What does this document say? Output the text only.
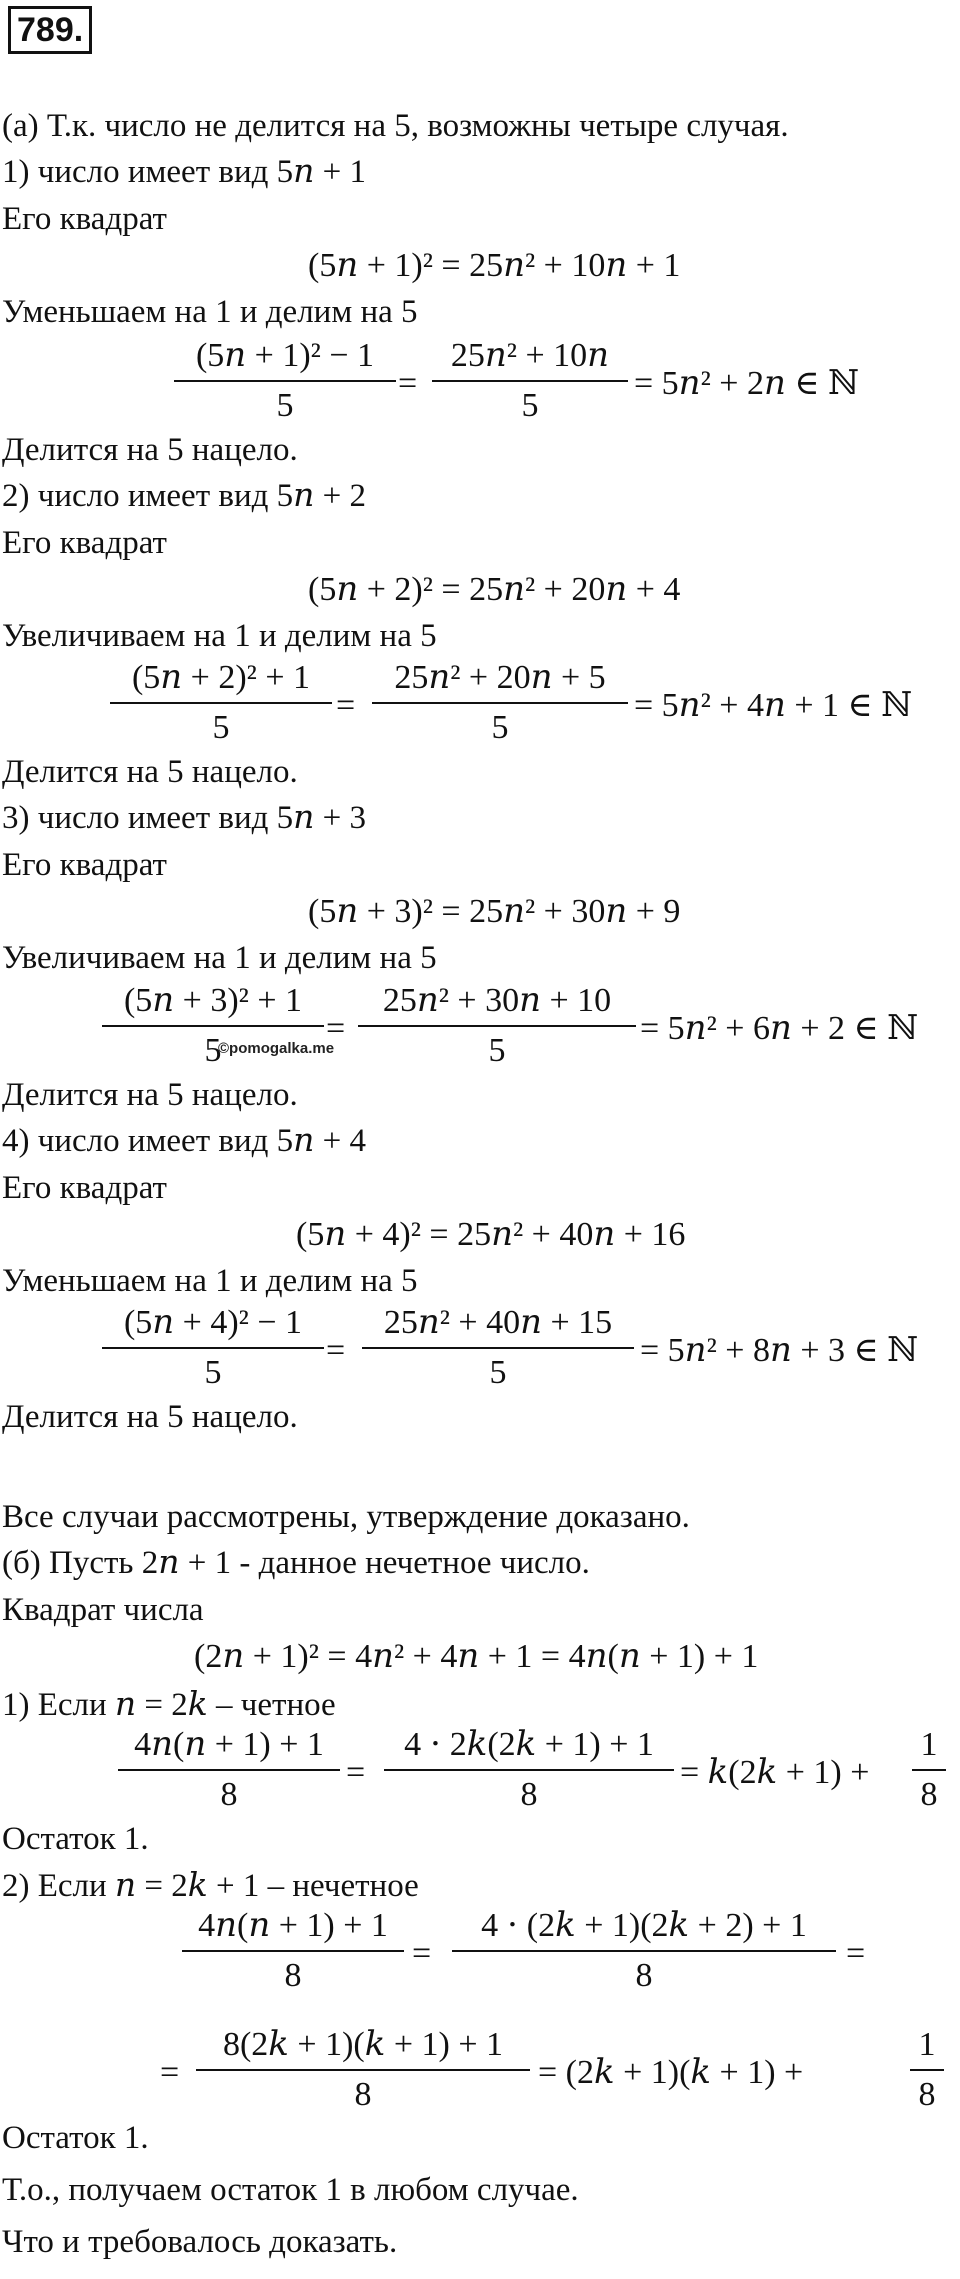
789.
(а) Т.к. число не делится на 5, возможны четыре случая.
1) число имеет вид 5𝑛 + 1
Его квадрат
(5𝑛 + 1)² = 25𝑛² + 10𝑛 + 1
Уменьшаем на 1 и делим на 5
(5𝑛 + 1)² − 1
5
=
25𝑛² + 10𝑛
5
= 5𝑛² + 2𝑛 ∈ ℕ
Делится на 5 нацело.
2) число имеет вид 5𝑛 + 2
Его квадрат
(5𝑛 + 2)² = 25𝑛² + 20𝑛 + 4
Увеличиваем на 1 и делим на 5
(5𝑛 + 2)² + 1
5
=
25𝑛² + 20𝑛 + 5
5
= 5𝑛² + 4𝑛 + 1 ∈ ℕ
Делится на 5 нацело.
3) число имеет вид 5𝑛 + 3
Его квадрат
(5𝑛 + 3)² = 25𝑛² + 30𝑛 + 9
Увеличиваем на 1 и делим на 5
(5𝑛 + 3)² + 1
5
=
25𝑛² + 30𝑛 + 10
5
©pomogalka.me
= 5𝑛² + 6𝑛 + 2 ∈ ℕ
Делится на 5 нацело.
4) число имеет вид 5𝑛 + 4
Его квадрат
(5𝑛 + 4)² = 25𝑛² + 40𝑛 + 16
Уменьшаем на 1 и делим на 5
(5𝑛 + 4)² − 1
5
=
25𝑛² + 40𝑛 + 15
5
= 5𝑛² + 8𝑛 + 3 ∈ ℕ
Делится на 5 нацело.
Все случаи рассмотрены, утверждение доказано.
(б) Пусть 2𝑛 + 1 - данное нечетное число.
Квадрат числа
(2𝑛 + 1)² = 4𝑛² + 4𝑛 + 1 = 4𝑛(𝑛 + 1) + 1
1) Если 𝑛 = 2𝑘 – четное
4𝑛(𝑛 + 1) + 1
8
=
4 ⋅ 2𝑘(2𝑘 + 1) + 1
8
= 𝑘(2𝑘 + $1) + \frac{1}{8}$
Остаток 1.
2) Если 𝑛 = 2𝑘 + 1 – нечетное
4𝑛(𝑛 + 1) + 1
8
=
4 ⋅ (2𝑘 + 1)(2𝑘 + 2) + 1
8
=
=
8(2𝑘 + 1)(𝑘 + 1) + 1
8
= (2𝑘 + 1)(𝑘 + 1) +	$\frac{1}{8}$
Остаток 1.
Т.о., получаем остаток 1 в любом случае.
Что и требовалось доказать.
